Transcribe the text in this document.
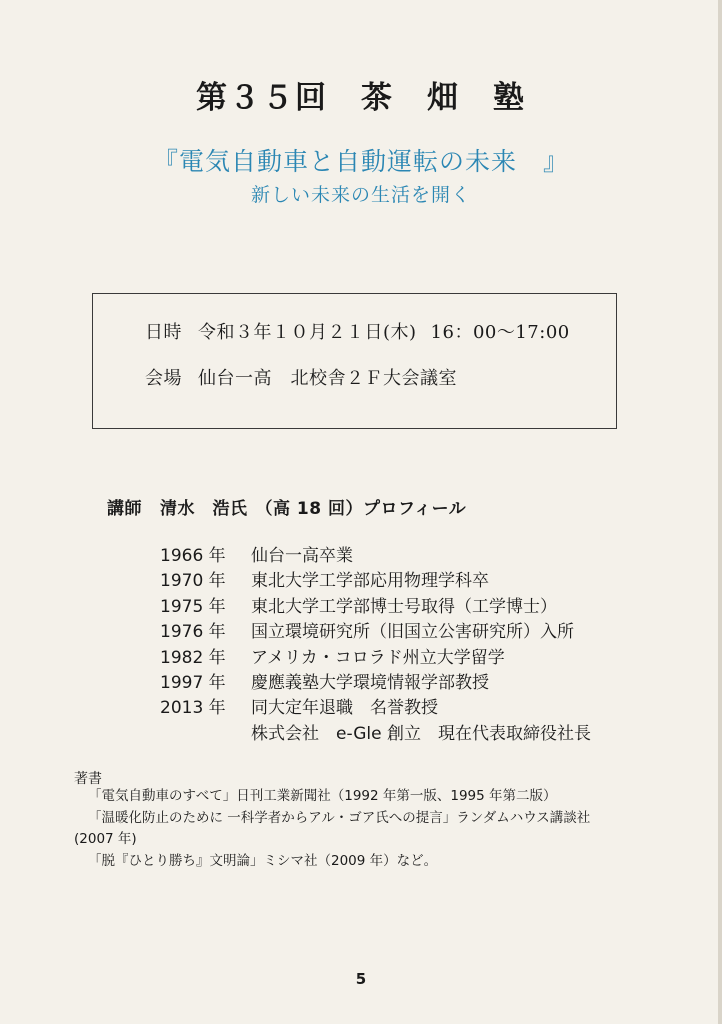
第３５回　茶　畑　塾
『電気自動車と自動運転の未来　』
新しい未来の生活を開く
日時 令和３年１０月２１日(木) 16：00～17:00
会場 仙台一高　北校舎２Ｆ大会議室
講師 清水　浩氏 （高 18 回）プロフィール
1966 年 仙台一高卒業
1970 年 東北大学工学部応用物理学科卒
1975 年 東北大学工学部博士号取得（工学博士）
1976 年 国立環境研究所（旧国立公害研究所）入所
1982 年 アメリカ・コロラド州立大学留学
1997 年 慶應義塾大学環境情報学部教授
2013 年 同大定年退職　名誉教授
株式会社　e-Gle 創立　現在代表取締役社長
著書
「電気自動車のすべて」日刊工業新聞社（1992 年第一版、1995 年第二版）
「温暖化防止のために 一科学者からアル・ゴア氏への提言」ランダムハウス講談社
(2007 年)
「脱『ひとり勝ち』文明論」ミシマ社（2009 年）など。
5
